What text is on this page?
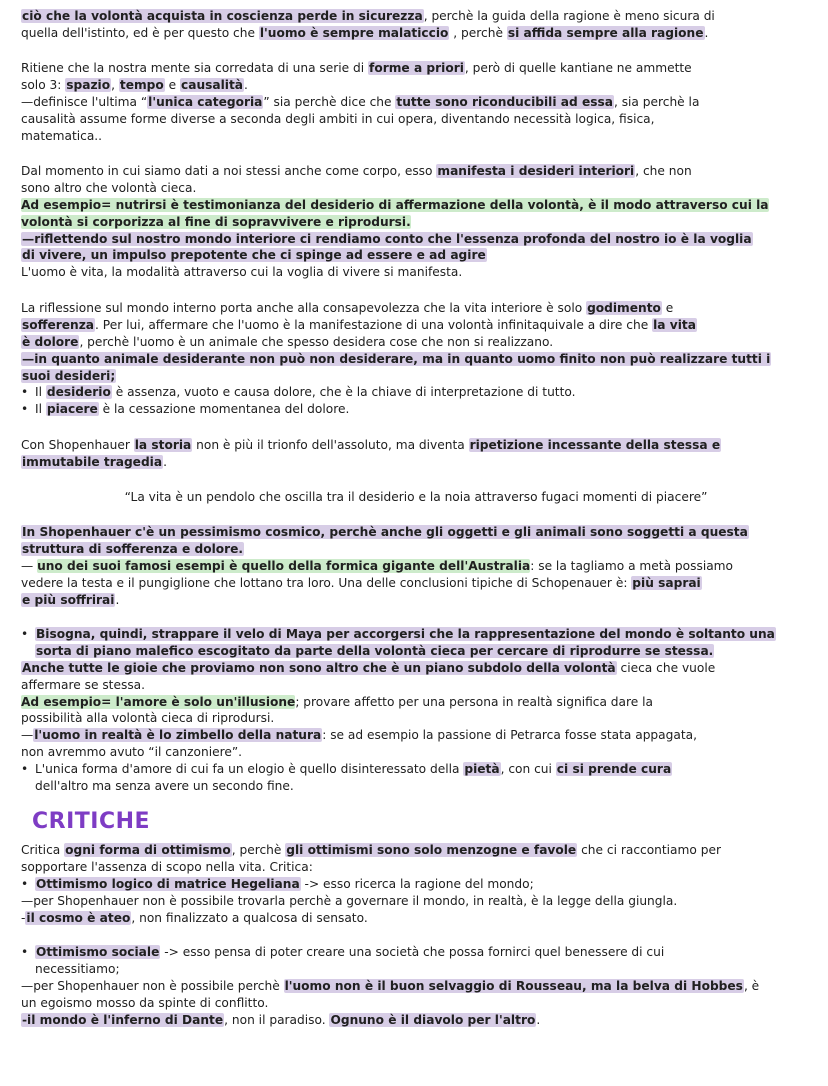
ciò che la volontà acquista in coscienza perde in sicurezza, perchè la guida della ragione è meno sicura di
quella dell'istinto, ed è per questo che l'uomo è sempre malaticcio , perchè si affida sempre alla ragione.
Ritiene che la nostra mente sia corredata di una serie di forme a priori, però di quelle kantiane ne ammette
solo 3: spazio, tempo e causalità.
—definisce l'ultima “l'unica categoria” sia perchè dice che tutte sono riconducibili ad essa, sia perchè la
causalità assume forme diverse a seconda degli ambiti in cui opera, diventando necessità logica, fisica,
matematica..
Dal momento in cui siamo dati a noi stessi anche come corpo, esso manifesta i desideri interiori, che non
sono altro che volontà cieca.
Ad esempio= nutrirsi è testimonianza del desiderio di affermazione della volontà, è il modo attraverso cui la
volontà si corporizza al fine di sopravvivere e riprodursi.
—riflettendo sul nostro mondo interiore ci rendiamo conto che l'essenza profonda del nostro io è la voglia
di vivere, un impulso prepotente che ci spinge ad essere e ad agire
L'uomo è vita, la modalità attraverso cui la voglia di vivere si manifesta.
La riflessione sul mondo interno porta anche alla consapevolezza che la vita interiore è solo godimento e
sofferenza. Per lui, affermare che l'uomo è la manifestazione di una volontà infinitaquivale a dire che la vita
è dolore, perchè l'uomo è un animale che spesso desidera cose che non si realizzano.
—in quanto animale desiderante non può non desiderare, ma in quanto uomo finito non può realizzare tutti i
suoi desideri;
• Il desiderio è assenza, vuoto e causa dolore, che è la chiave di interpretazione di tutto.
• Il piacere è la cessazione momentanea del dolore.
Con Shopenhauer la storia non è più il trionfo dell'assoluto, ma diventa ripetizione incessante della stessa e
immutabile tragedia.
“La vita è un pendolo che oscilla tra il desiderio e la noia attraverso fugaci momenti di piacere”
In Shopenhauer c'è un pessimismo cosmico, perchè anche gli oggetti e gli animali sono soggetti a questa
struttura di sofferenza e dolore.
— uno dei suoi famosi esempi è quello della formica gigante dell'Australia: se la tagliamo a metà possiamo
vedere la testa e il pungiglione che lottano tra loro. Una delle conclusioni tipiche di Schopenauer è: più saprai
e più soffrirai.
• Bisogna, quindi, strappare il velo di Maya per accorgersi che la rappresentazione del mondo è soltanto una
sorta di piano malefico escogitato da parte della volontà cieca per cercare di riprodurre se stessa.
Anche tutte le gioie che proviamo non sono altro che è un piano subdolo della volontà cieca che vuole
affermare se stessa.
Ad esempio= l'amore è solo un'illusione; provare affetto per una persona in realtà significa dare la
possibilità alla volontà cieca di riprodursi.
—l'uomo in realtà è lo zimbello della natura: se ad esempio la passione di Petrarca fosse stata appagata,
non avremmo avuto “il canzoniere”.
• L'unica forma d'amore di cui fa un elogio è quello disinteressato della pietà, con cui ci si prende cura
dell'altro ma senza avere un secondo fine.
CRITICHE
Critica ogni forma di ottimismo, perchè gli ottimismi sono solo menzogne e favole che ci raccontiamo per
sopportare l'assenza di scopo nella vita. Critica:
• Ottimismo logico di matrice Hegeliana -> esso ricerca la ragione del mondo;
—per Shopenhauer non è possibile trovarla perchè a governare il mondo, in realtà, è la legge della giungla.
-il cosmo è ateo, non finalizzato a qualcosa di sensato.
• Ottimismo sociale -> esso pensa di poter creare una società che possa fornirci quel benessere di cui
necessitiamo;
—per Shopenhauer non è possibile perchè l'uomo non è il buon selvaggio di Rousseau, ma la belva di Hobbes, è
un egoismo mosso da spinte di conflitto.
-il mondo è l'inferno di Dante, non il paradiso. Ognuno è il diavolo per l'altro.
